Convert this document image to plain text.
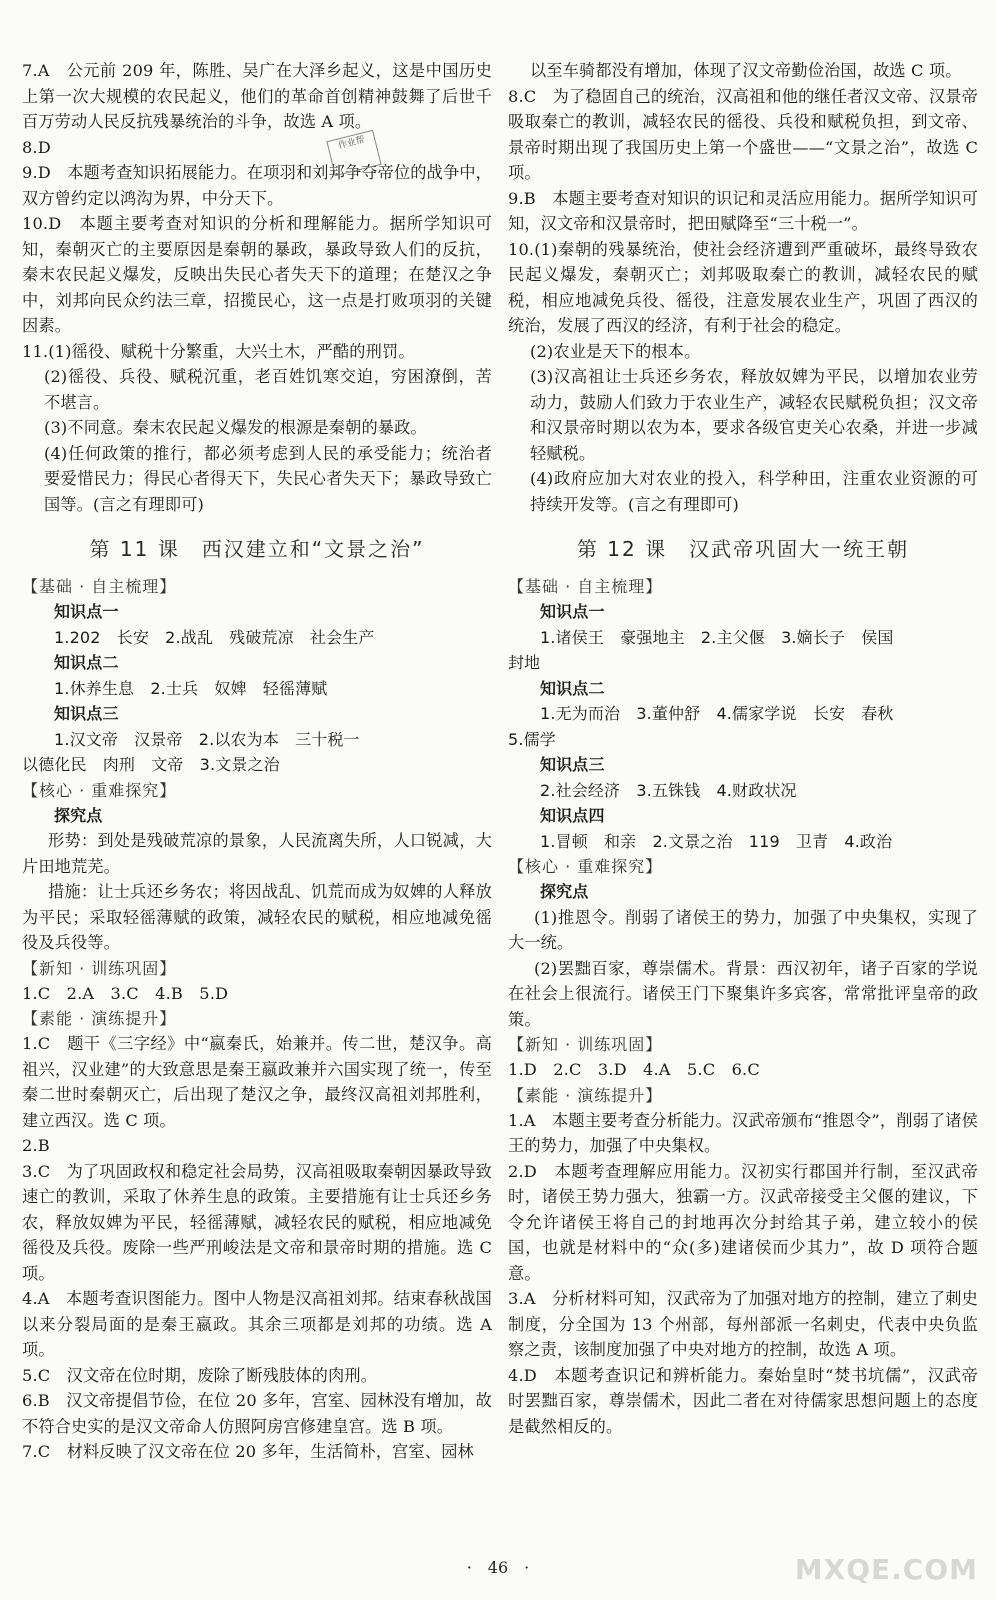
7.A　公元前 209 年，陈胜、吴广在大泽乡起义，这是中国历史上第一次大规模的农民起义，他们的革命首创精神鼓舞了后世千百万劳动人民反抗残暴统治的斗争，故选 A 项。

8.D

9.D　本题考查知识拓展能力。在项羽和刘邦争夺帝位的战争中，双方曾约定以鸿沟为界，中分天下。

10.D　本题主要考查对知识的分析和理解能力。据所学知识可知，秦朝灭亡的主要原因是秦朝的暴政，暴政导致人们的反抗，秦末农民起义爆发，反映出失民心者失天下的道理；在楚汉之争中，刘邦向民众约法三章，招揽民心，这一点是打败项羽的关键因素。

11.(1)徭役、赋税十分繁重，大兴土木，严酷的刑罚。

(2)徭役、兵役、赋税沉重，老百姓饥寒交迫，穷困潦倒，苦不堪言。

(3)不同意。秦末农民起义爆发的根源是秦朝的暴政。

(4)任何政策的推行，都必须考虑到人民的承受能力；统治者要爱惜民力；得民心者得天下，失民心者失天下；暴政导致亡国等。(言之有理即可)

第 11 课　西汉建立和“文景之治”
【基础 · 自主梳理】

知识点一

1.202　长安　2.战乱　残破荒凉　社会生产

知识点二

1.休养生息　2.士兵　奴婢　轻徭薄赋

知识点三

1.汉文帝　汉景帝　2.以农为本　三十税一

以德化民　肉刑　文帝　3.文景之治

【核心 · 重难探究】

探究点

形势：到处是残破荒凉的景象，人民流离失所，人口锐减，大片田地荒芜。

措施：让士兵还乡务农；将因战乱、饥荒而成为奴婢的人释放为平民；采取轻徭薄赋的政策，减轻农民的赋税，相应地减免徭役及兵役等。

【新知 · 训练巩固】

1.C　2.A　3.C　4.B　5.D

【素能 · 演练提升】

1.C　题干《三字经》中“嬴秦氏，始兼并。传二世，楚汉争。高祖兴，汉业建”的大致意思是秦王嬴政兼并六国实现了统一，传至秦二世时秦朝灭亡，后出现了楚汉之争，最终汉高祖刘邦胜利，建立西汉。选 C 项。

2.B

3.C　为了巩固政权和稳定社会局势，汉高祖吸取秦朝因暴政导致速亡的教训，采取了休养生息的政策。主要措施有让士兵还乡务农，释放奴婢为平民，轻徭薄赋，减轻农民的赋税，相应地减免徭役及兵役。废除一些严刑峻法是文帝和景帝时期的措施。选 C 项。

4.A　本题考查识图能力。图中人物是汉高祖刘邦。结束春秋战国以来分裂局面的是秦王嬴政。其余三项都是刘邦的功绩。选 A 项。

5.C　汉文帝在位时期，废除了断残肢体的肉刑。

6.B　汉文帝提倡节俭，在位 20 多年，宫室、园林没有增加，故不符合史实的是汉文帝命人仿照阿房宫修建皇宫。选 B 项。

7.C　材料反映了汉文帝在位 20 多年，生活简朴，宫室、园林

以至车骑都没有增加，体现了汉文帝勤俭治国，故选 C 项。

8.C　为了稳固自己的统治，汉高祖和他的继任者汉文帝、汉景帝吸取秦亡的教训，减轻农民的徭役、兵役和赋税负担，到文帝、景帝时期出现了我国历史上第一个盛世——“文景之治”，故选 C 项。

9.B　本题主要考查对知识的识记和灵活应用能力。据所学知识可知，汉文帝和汉景帝时，把田赋降至“三十税一”。

10.(1)秦朝的残暴统治，使社会经济遭到严重破坏，最终导致农民起义爆发，秦朝灭亡；刘邦吸取秦亡的教训，减轻农民的赋税，相应地减免兵役、徭役，注意发展农业生产，巩固了西汉的统治，发展了西汉的经济，有利于社会的稳定。

(2)农业是天下的根本。

(3)汉高祖让士兵还乡务农，释放奴婢为平民，以增加农业劳动力，鼓励人们致力于农业生产，减轻农民赋税负担；汉文帝和汉景帝时期以农为本，要求各级官吏关心农桑，并进一步减轻赋税。

(4)政府应加大对农业的投入，科学种田，注重农业资源的可持续开发等。(言之有理即可)

第 12 课　汉武帝巩固大一统王朝
【基础 · 自主梳理】

知识点一

1.诸侯王　豪强地主　2.主父偃　3.嫡长子　侯国

封地

知识点二

1.无为而治　3.董仲舒　4.儒家学说　长安　春秋

5.儒学

知识点三

2.社会经济　3.五铢钱　4.财政状况

知识点四

1.冒顿　和亲　2.文景之治　119　卫青　4.政治

【核心 · 重难探究】

探究点

(1)推恩令。削弱了诸侯王的势力，加强了中央集权，实现了大一统。

(2)罢黜百家，尊崇儒术。背景：西汉初年，诸子百家的学说在社会上很流行。诸侯王门下聚集许多宾客，常常批评皇帝的政策。

【新知 · 训练巩固】

1.D　2.C　3.D　4.A　5.C　6.C

【素能 · 演练提升】

1.A　本题主要考查分析能力。汉武帝颁布“推恩令”，削弱了诸侯王的势力，加强了中央集权。

2.D　本题考查理解应用能力。汉初实行郡国并行制，至汉武帝时，诸侯王势力强大，独霸一方。汉武帝接受主父偃的建议，下令允许诸侯王将自己的封地再次分封给其子弟，建立较小的侯国，也就是材料中的“众(多)建诸侯而少其力”，故 D 项符合题意。

3.A　分析材料可知，汉武帝为了加强对地方的控制，建立了刺史制度，分全国为 13 个州部，每州部派一名刺史，代表中央负监察之责，该制度加强了中央对地方的控制，故选 A 项。

4.D　本题考查识记和辨析能力。秦始皇时“焚书坑儒”，汉武帝时罢黜百家，尊崇儒术，因此二者在对待儒家思想问题上的态度是截然相反的。

作业帮
·　46　·	MXQE.COM
